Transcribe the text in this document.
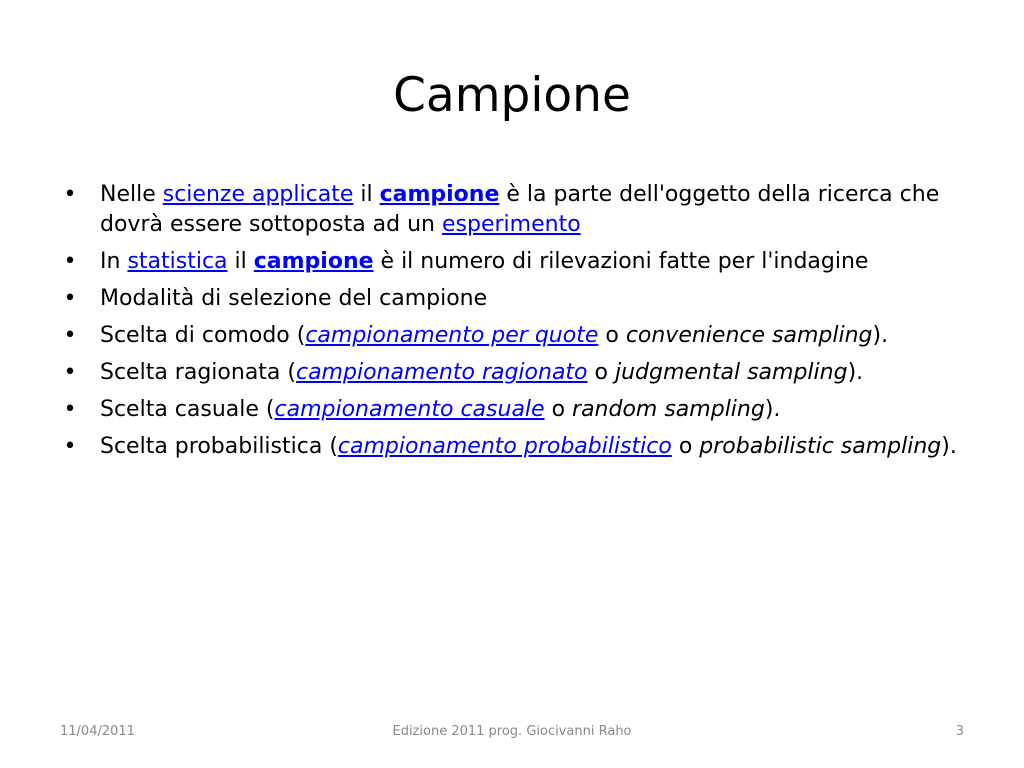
Campione
• Nelle scienze applicate il campione è la parte dell'oggetto della ricerca che dovrà essere sottoposta ad un esperimento
• In statistica il campione è il numero di rilevazioni fatte per l'indagine
• Modalità di selezione del campione
• Scelta di comodo (campionamento per quote o convenience sampling).
• Scelta ragionata (campionamento ragionato o judgmental sampling).
• Scelta casuale (campionamento casuale o random sampling).
• Scelta probabilistica (campionamento probabilistico o probabilistic sampling).
11/04/2011	Edizione 2011 prog. Giocivanni Raho	3
